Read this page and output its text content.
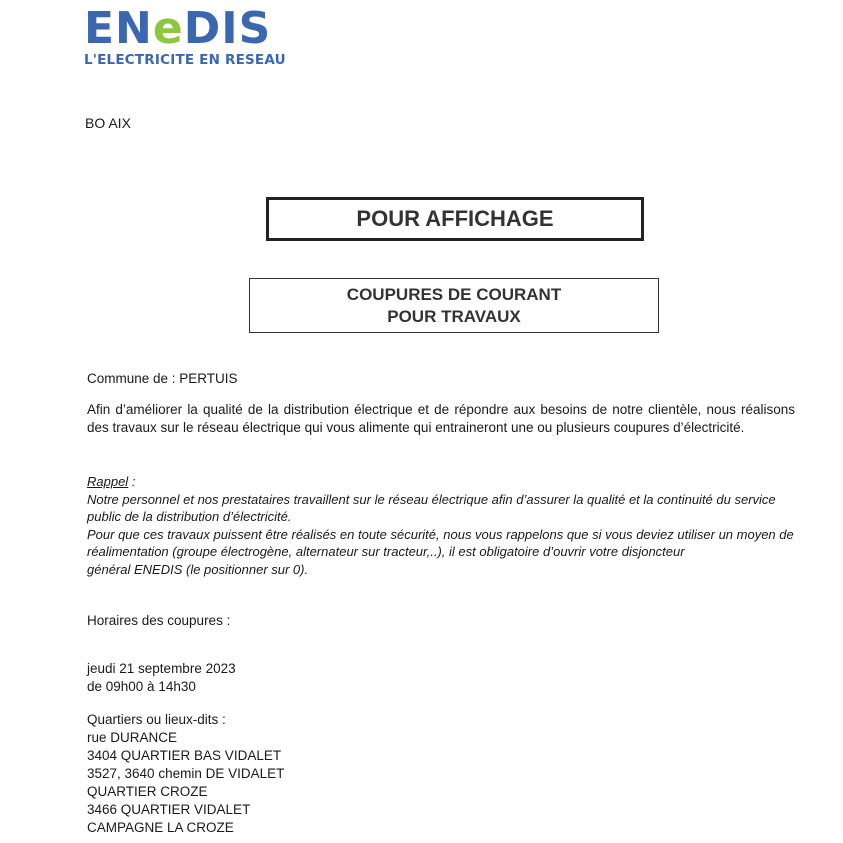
ENeDIS
L'ELECTRICITE EN RESEAU
BO AIX
POUR AFFICHAGE
COUPURES DE COURANT
POUR TRAVAUX
Commune de : PERTUIS
Afin d’améliorer la qualité de la distribution électrique et de répondre aux besoins de notre clientèle, nous réalisons des travaux sur le réseau électrique qui vous alimente qui entraineront une ou plusieurs coupures d’électricité.
Rappel :
Notre personnel et nos prestataires travaillent sur le réseau électrique afin d’assurer la qualité et la continuité du service public de la distribution d’électricité.
Pour que ces travaux puissent être réalisés en toute sécurité, nous vous rappelons que si vous deviez utiliser un moyen de réalimentation (groupe électrogène, alternateur sur tracteur,..), il est obligatoire d’ouvrir votre disjoncteur
général ENEDIS (le positionner sur 0).
Horaires des coupures :
jeudi 21 septembre 2023
de 09h00 à 14h30
Quartiers ou lieux-dits :
rue DURANCE
3404 QUARTIER BAS VIDALET
3527, 3640 chemin DE VIDALET
QUARTIER CROZE
3466 QUARTIER VIDALET
CAMPAGNE LA CROZE
